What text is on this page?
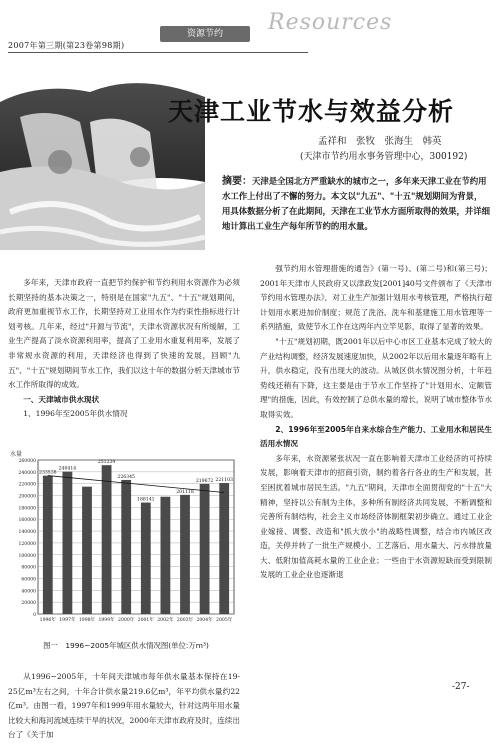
2007年第三期(第23卷第98期)
资源节约	Resources
天津工业节水与效益分析
孟祥和　张牧　张海生　韩英
(天津市节约用水事务管理中心，300192)
摘要：天津是全国北方严重缺水的城市之一，多年来天津工业在节约用水工作上付出了不懈的努力。本文以"九五"、"十五"规划期间为背景，用具体数据分析了在此期间，天津在工业节水方面所取得的效果，并详细地计算出工业生产每年所节约的用水量。

多年来，天津市政府一直把节约保护和节约利用水资源作为必须长期坚持的基本决策之一，特别是在国家"九五"、"十五"规划期间，政府更加重视节水工作，长期坚持对工业用水作为约束性指标进行计划考核。几年来，经过"开源与节流"，天津水资源状况有所缓解，工业生产提高了淡水资源利用率，提高了工业用水重复利用率，发展了非常规水资源的利用，天津经济也得到了快速的发展，回顾"九五"、"十五"规划期间节水工作，我们以这十年的数据分析天津城市节水工作所取得的成效。

一、天津城市供水现状

1、1996年至2005年供水情况

0
20000
40000
60000
80000
100000
120000
140000
160000
180000
200000
220000
240000
260000
水量
233538
1996年
240414
1997年 1998年
251234
1999年
226345
2000年
188141
2001年 2002年
201118
2003年
219672
2004年
221103
2005年
图一　1996~2005年城区供水情况图(单位:万m³)

从1996~2005年，十年间天津城市每年供水量基本保持在19-25亿m³左右之间，十年合计供水量219.6亿m³，年平均供水量约22亿m³。由图一看，1997年和1999年用水量较大，针对这两年用水量比较大和海河流域连续干旱的状况，2000年天津市政府及时，连续出台了《关于加

强节约用水管理措施的通告》(第一号)、(第二号)和(第三号)；2001年天津市人民政府又以津政发[2001]40号文件颁布了《天津市节约用水管理办法》，对工业生产加强计划用水考核管理，严格执行超计划用水累进加价制度；规范了洗浴、洗车和基建施工用水管理等一系列措施，致使节水工作在这两年内立竿见影，取得了显著的效果。

"十五"规划初期，既2001年以后中心市区工业基本完成了较大的产业结构调整，经济发展速度加快，从2002年以后用水量逐年略有上升，供水稳定，没有出现大的波动。从城区供水情况图分析，十年趋势线还稍有下降，这主要是由于节水工作坚持了"计划用水、定额管理"的措施，因此，有效控制了总供水量的增长，说明了城市整体节水取得实效。

2、1996年至2005年自来水综合生产能力、工业用水和居民生活用水情况

多年来，水资源紧张状况一直在影响着天津市工业经济的可持续发展，影响着天津市的招商引资，制约着各行各业的生产和发展，甚至困扰着城市居民生活。"九五"期间，天津市全面贯彻党的"十五"大精神，坚持以公有制为主体，多种所有制经济共同发展，不断调整和完善所有制结构，社会主义市场经济体制框架初步确立。通过工业企业嫁接、调整、改造和"抓大放小"的战略性调整，结合市内城区改造，关停并转了一批生产规模小、工艺落后、用水量大、污水排放量大、低附加值高耗水量的工业企业；一些由于水资源短缺而受到限制发展的工业企业也逐渐退

-27-
